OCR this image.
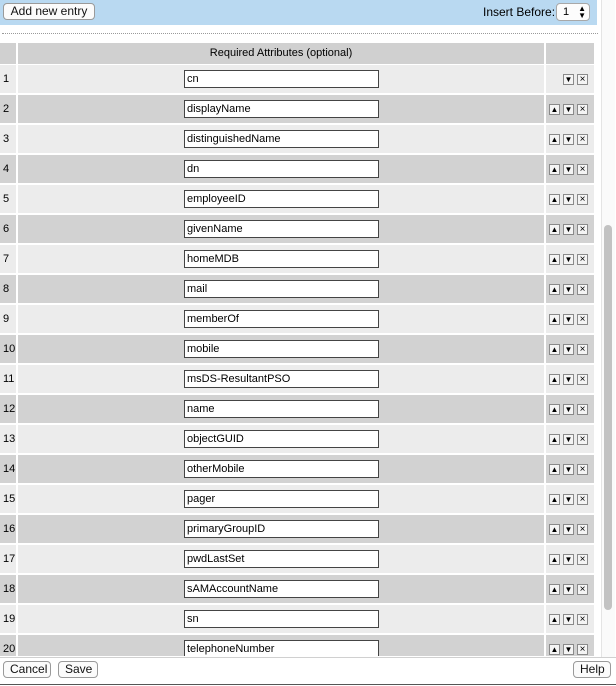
Add new entry	Insert Before: 1 ▲
▼
Required Attributes (optional)
1	cn	▼ ×
2	displayName	▲ ▼ ×
3	distinguishedName	▲ ▼ ×
4	dn	▲ ▼ ×
5	employeeID	▲ ▼ ×
6	givenName	▲ ▼ ×
7	homeMDB	▲ ▼ ×
8	mail	▲ ▼ ×
9	memberOf	▲ ▼ ×
10	mobile	▲ ▼ ×
11	msDS-ResultantPSO	▲ ▼ ×
12	name	▲ ▼ ×
13	objectGUID	▲ ▼ ×
14	otherMobile	▲ ▼ ×
15	pager	▲ ▼ ×
16	primaryGroupID	▲ ▼ ×
17	pwdLastSet	▲ ▼ ×
18	sAMAccountName	▲ ▼ ×
19	sn	▲ ▼ ×
20	telephoneNumber	▲ ▼ ×
Cancel	Save	Help
